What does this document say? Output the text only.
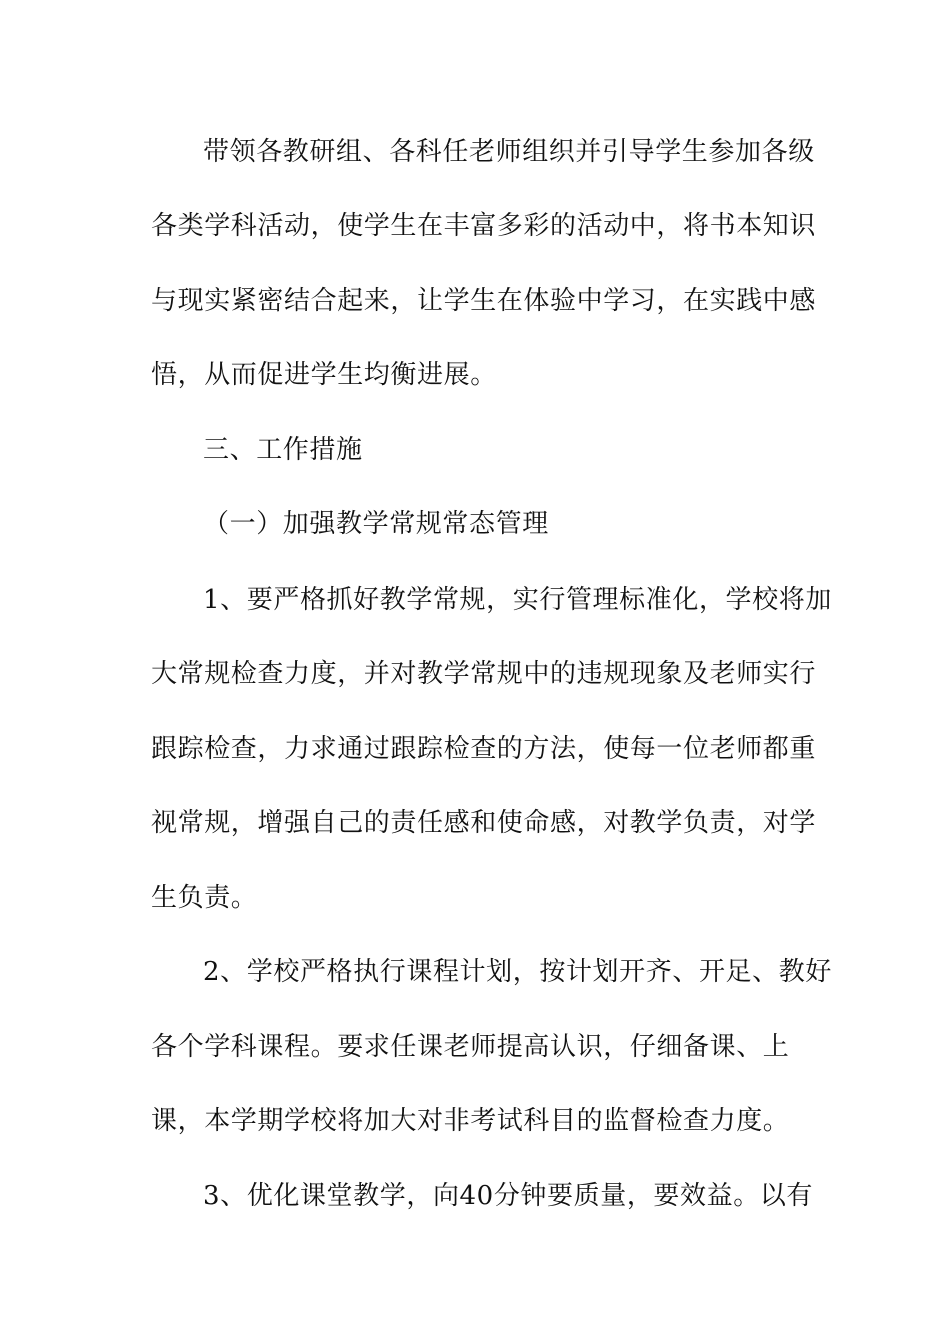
带领各教研组、各科任老师组织并引导学生参加各级
各类学科活动，使学生在丰富多彩的活动中，将书本知识
与现实紧密结合起来，让学生在体验中学习，在实践中感
悟，从而促进学生均衡进展。
三、工作措施
（一）加强教学常规常态管理
1、要严格抓好教学常规，实行管理标准化，学校将加
大常规检查力度，并对教学常规中的违规现象及老师实行
跟踪检查，力求通过跟踪检查的方法，使每一位老师都重
视常规，增强自己的责任感和使命感，对教学负责，对学
生负责。
2、学校严格执行课程计划，按计划开齐、开足、教好
各个学科课程。要求任课老师提高认识，仔细备课、上
课，本学期学校将加大对非考试科目的监督检查力度。
3、优化课堂教学，向40分钟要质量，要效益。以有
